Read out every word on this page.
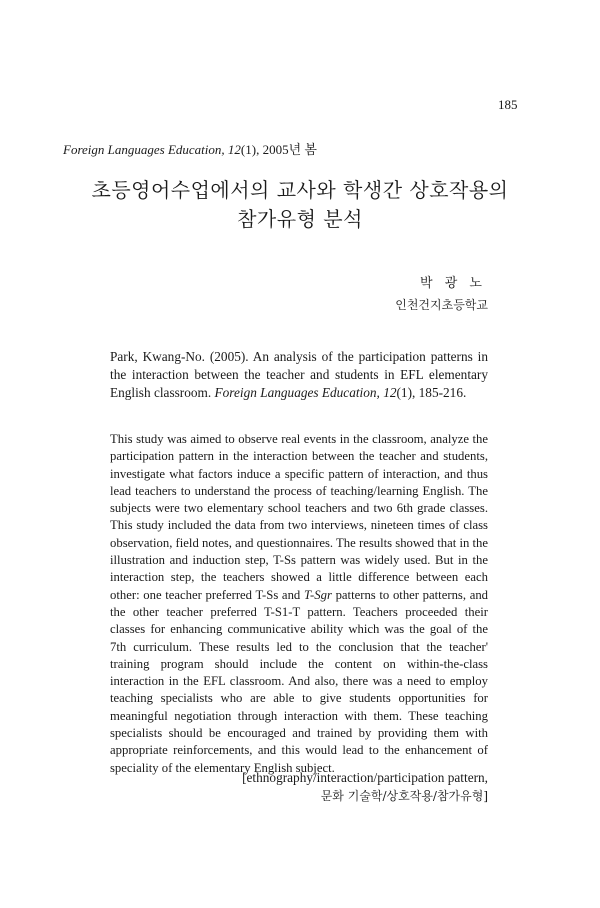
185
Foreign Languages Education, 12(1), 2005년 봄
초등영어수업에서의 교사와 학생간 상호작용의
참가유형 분석
박 광 노
인천건지초등학교

Park, Kwang-No. (2005). An analysis of the participation patterns in the interaction between the teacher and students in EFL elementary English classroom. Foreign Languages Education, 12(1), 185-216.

This study was aimed to observe real events in the classroom, analyze the participation pattern in the interaction between the teacher and students, investigate what factors induce a specific pattern of interaction, and thus lead teachers to understand the process of teaching/learning English. The subjects were two elementary school teachers and two 6th grade classes. This study included the data from two interviews, nineteen times of class observation, field notes, and questionnaires. The results showed that in the illustration and induction step, T-Ss pattern was widely used. But in the interaction step, the teachers showed a little difference between each other: one teacher preferred T-Ss and T-Sgr patterns to other patterns, and the other teacher preferred T-S1-T pattern. Teachers proceeded their classes for enhancing communicative ability which was the goal of the 7th curriculum. These results led to the conclusion that the teacher' training program should include the content on within-the-class interaction in the EFL classroom. And also, there was a need to employ teaching specialists who are able to give students opportunities for meaningful negotiation through interaction with them. These teaching specialists should be encouraged and trained by providing them with appropriate reinforcements, and this would lead to the enhancement of speciality of the elementary English subject.

[ethnography/interaction/participation pattern,
문화 기술학/상호작용/참가유형]
